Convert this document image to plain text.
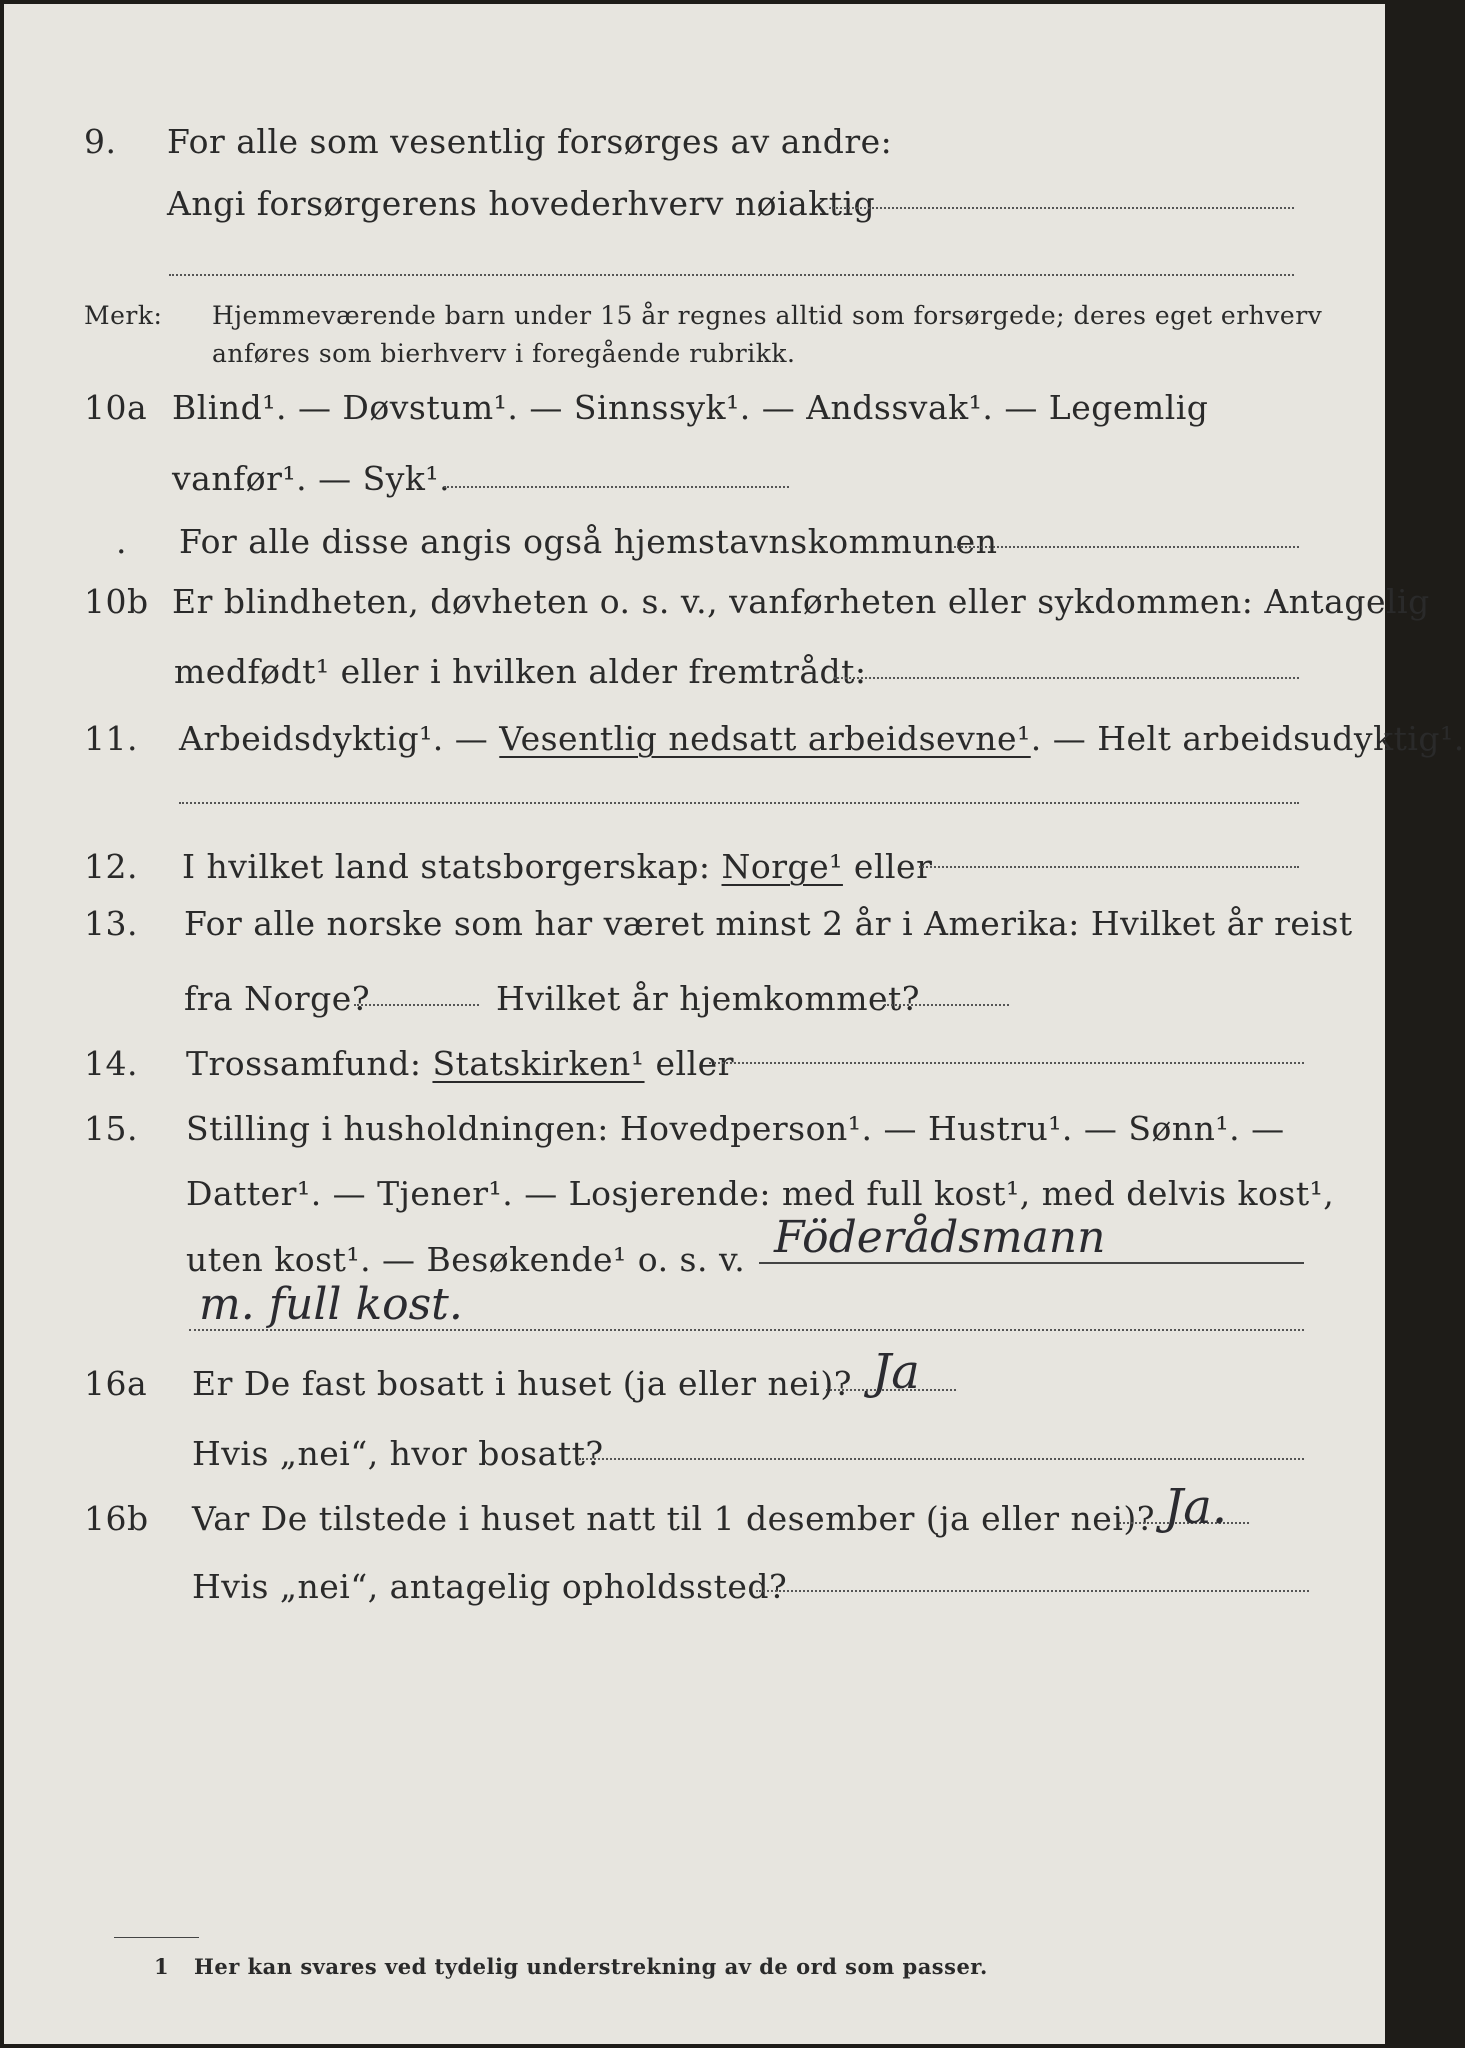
9.	For alle som vesentlig forsørges av andre:
Angi forsørgerens hovederhverv nøiaktig
Merk: Hjemmeværende barn under 15 år regnes alltid som forsørgede; deres eget erhverv
anføres som bierhverv i foregående rubrikk.
10a Blind¹. — Døvstum¹. — Sinnssyk¹. — Andssvak¹. — Legemlig
vanfør¹. — Syk¹.
.	For alle disse angis også hjemstavnskommunen
10b Er blindheten, døvheten o. s. v., vanførheten eller sykdommen: Antagelig
medfødt¹ eller i hvilken alder fremtrådt:
11.	Arbeidsdyktig¹. — Vesentlig nedsatt arbeidsevne¹. — Helt arbeidsudyktig¹.
12.	I hvilket land statsborgerskap: Norge¹ eller
13.	For alle norske som har været minst 2 år i Amerika: Hvilket år reist
fra Norge?	Hvilket år hjemkommet?
14.	Trossamfund: Statskirken¹ eller
15.	Stilling i husholdningen: Hovedperson¹. — Hustru¹. — Sønn¹. —
Datter¹. — Tjener¹. — Losjerende: med full kost¹, med delvis kost¹,
uten kost¹. — Besøkende¹ o. s. v. Föderådsmann
m. full kost.
16a	Er De fast bosatt i huset (ja eller nei)? Ja
Hvis „nei“, hvor bosatt?
16b	Var De tilstede i huset natt til 1 desember (ja eller nei)? Ja.
Hvis „nei“, antagelig opholdssted?
1 Her kan svares ved tydelig understrekning av de ord som passer.
